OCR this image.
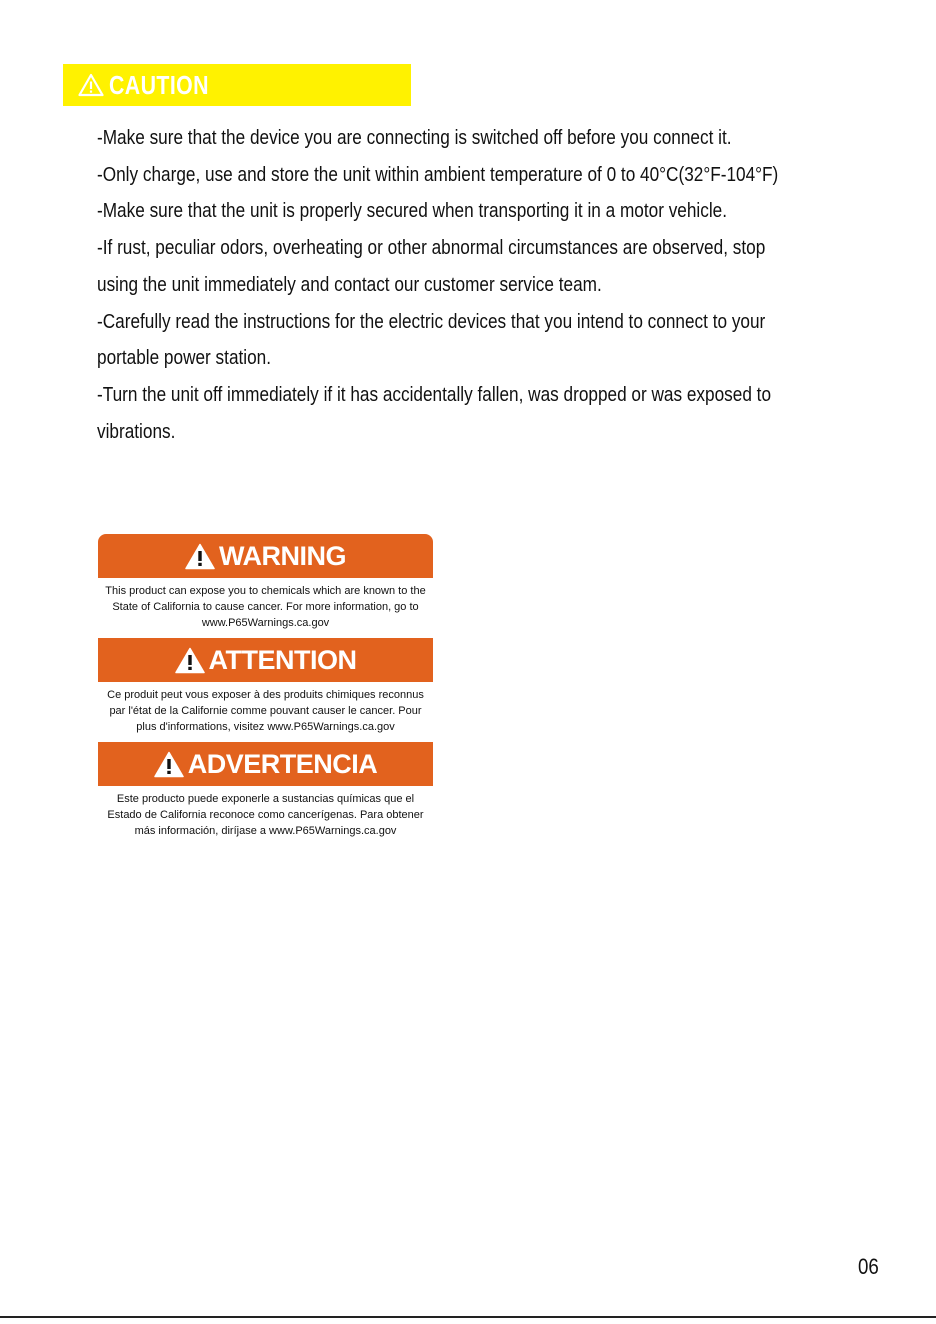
CAUTION
-Make sure that the device you are connecting is switched off before you connect it.
-Only charge, use and store the unit within ambient temperature of 0 to 40°C(32°F-104°F)
-Make sure that the unit is properly secured when transporting it in a motor vehicle.
-If rust, peculiar odors, overheating or other abnormal circumstances are observed, stop
using the unit immediately and contact our customer service team.
-Carefully read the instructions for the electric devices that you intend to connect to your
portable power station.
-Turn the unit off immediately if it has accidentally fallen, was dropped or was exposed to
vibrations.
WARNING
This product can expose you to chemicals which are known to the
State of California to cause cancer. For more information, go to
www.P65Warnings.ca.gov
ATTENTION
Ce produit peut vous exposer à des produits chimiques reconnus
par l'état de la Californie comme pouvant causer le cancer. Pour
plus d'informations, visitez www.P65Warnings.ca.gov
ADVERTENCIA
Este producto puede exponerle a sustancias químicas que el
Estado de California reconoce como cancerígenas. Para obtener
más información, diríjase a www.P65Warnings.ca.gov
06
